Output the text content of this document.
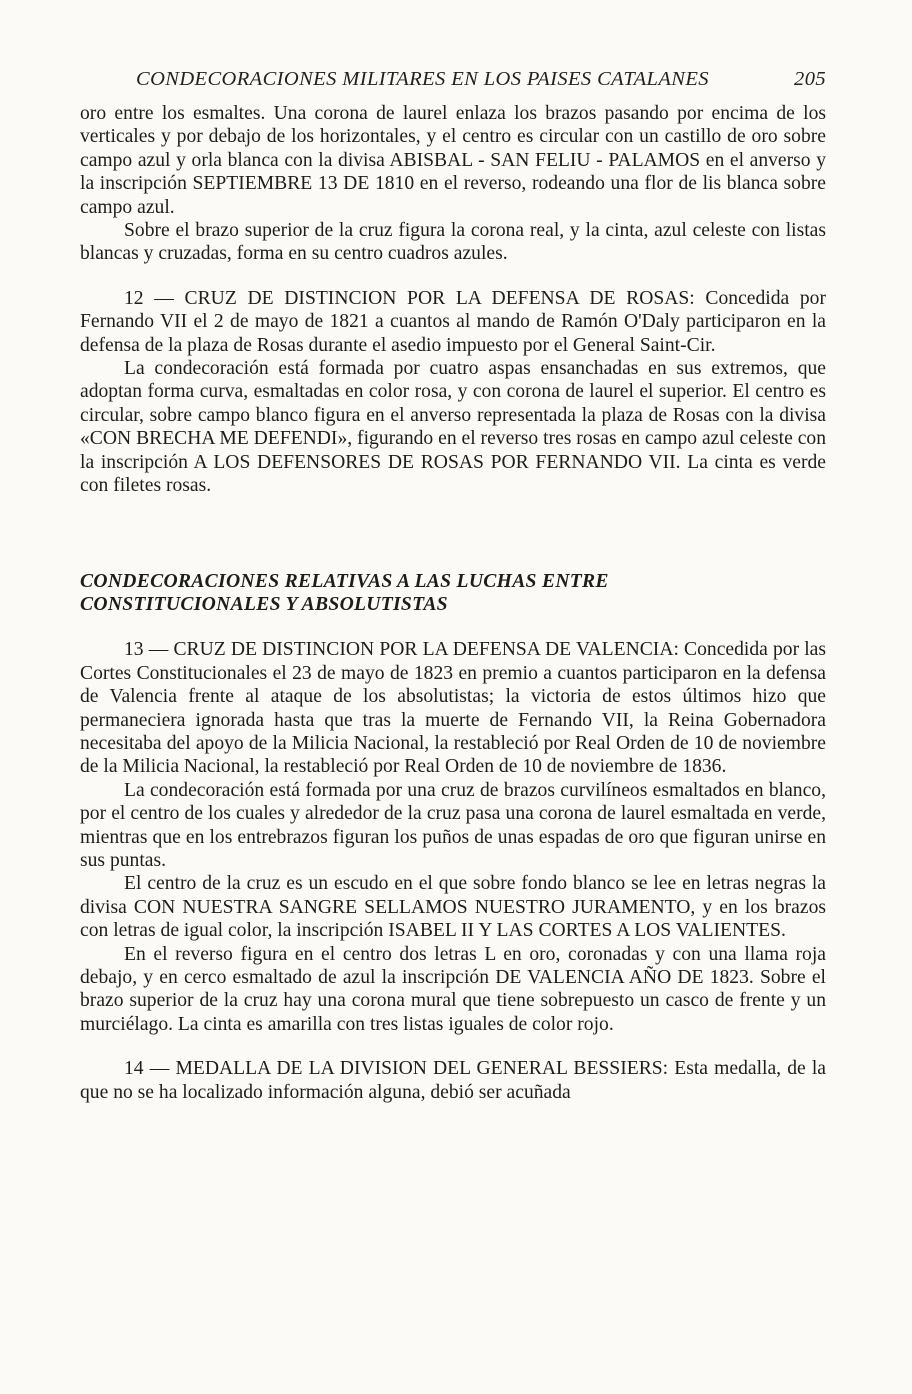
CONDECORACIONES MILITARES EN LOS PAISES CATALANES	205

oro entre los esmaltes. Una corona de laurel enlaza los brazos pasando por encima de los verticales y por debajo de los horizontales, y el centro es circular con un castillo de oro sobre campo azul y orla blanca con la divisa ABISBAL - SAN FELIU - PALAMOS en el anverso y la inscripción SEPTIEMBRE 13 DE 1810 en el reverso, rodeando una flor de lis blanca sobre campo azul.

Sobre el brazo superior de la cruz figura la corona real, y la cinta, azul celeste con listas blancas y cruzadas, forma en su centro cuadros azules.

12 — CRUZ DE DISTINCION POR LA DEFENSA DE ROSAS: Concedida por Fernando VII el 2 de mayo de 1821 a cuantos al mando de Ramón O'Daly participaron en la defensa de la plaza de Rosas durante el asedio impuesto por el General Saint-Cir.

La condecoración está formada por cuatro aspas ensanchadas en sus extremos, que adoptan forma curva, esmaltadas en color rosa, y con corona de laurel el superior. El centro es circular, sobre campo blanco figura en el anverso representada la plaza de Rosas con la divisa «CON BRECHA ME DEFENDI», figurando en el reverso tres rosas en campo azul celeste con la inscripción A LOS DEFENSORES DE ROSAS POR FERNANDO VII. La cinta es verde con filetes rosas.

CONDECORACIONES RELATIVAS A LAS LUCHAS ENTRE
CONSTITUCIONALES Y ABSOLUTISTAS

13 — CRUZ DE DISTINCION POR LA DEFENSA DE VALENCIA: Concedida por las Cortes Constitucionales el 23 de mayo de 1823 en premio a cuantos participaron en la defensa de Valencia frente al ataque de los absolutistas; la victoria de estos últimos hizo que permaneciera ignorada hasta que tras la muerte de Fernando VII, la Reina Gobernadora necesitaba del apoyo de la Milicia Nacional, la restableció por Real Orden de 10 de noviembre de la Milicia Nacional, la restableció por Real Orden de 10 de noviembre de 1836.

La condecoración está formada por una cruz de brazos curvilíneos esmaltados en blanco, por el centro de los cuales y alrededor de la cruz pasa una corona de laurel esmaltada en verde, mientras que en los entrebrazos figuran los puños de unas espadas de oro que figuran unirse en sus puntas.

El centro de la cruz es un escudo en el que sobre fondo blanco se lee en letras negras la divisa CON NUESTRA SANGRE SELLAMOS NUESTRO JURAMENTO, y en los brazos con letras de igual color, la inscripción ISABEL II Y LAS CORTES A LOS VALIENTES.

En el reverso figura en el centro dos letras L en oro, coronadas y con una llama roja debajo, y en cerco esmaltado de azul la inscripción DE VALENCIA AÑO DE 1823. Sobre el brazo superior de la cruz hay una corona mural que tiene sobrepuesto un casco de frente y un murciélago. La cinta es amarilla con tres listas iguales de color rojo.

14 — MEDALLA DE LA DIVISION DEL GENERAL BESSIERS: Esta medalla, de la que no se ha localizado información alguna, debió ser acuñada
